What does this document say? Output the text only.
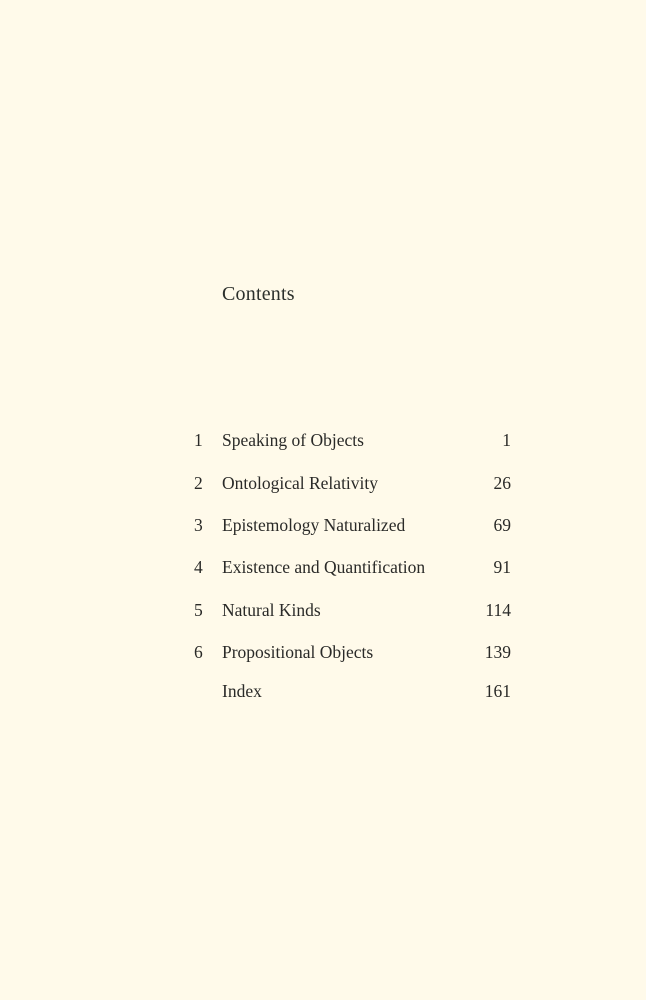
Contents
1	Speaking of Objects	1
2	Ontological Relativity	26
3	Epistemology Naturalized	69
4	Existence and Quantification	91
5	Natural Kinds	114
6	Propositional Objects	139
Index	161
